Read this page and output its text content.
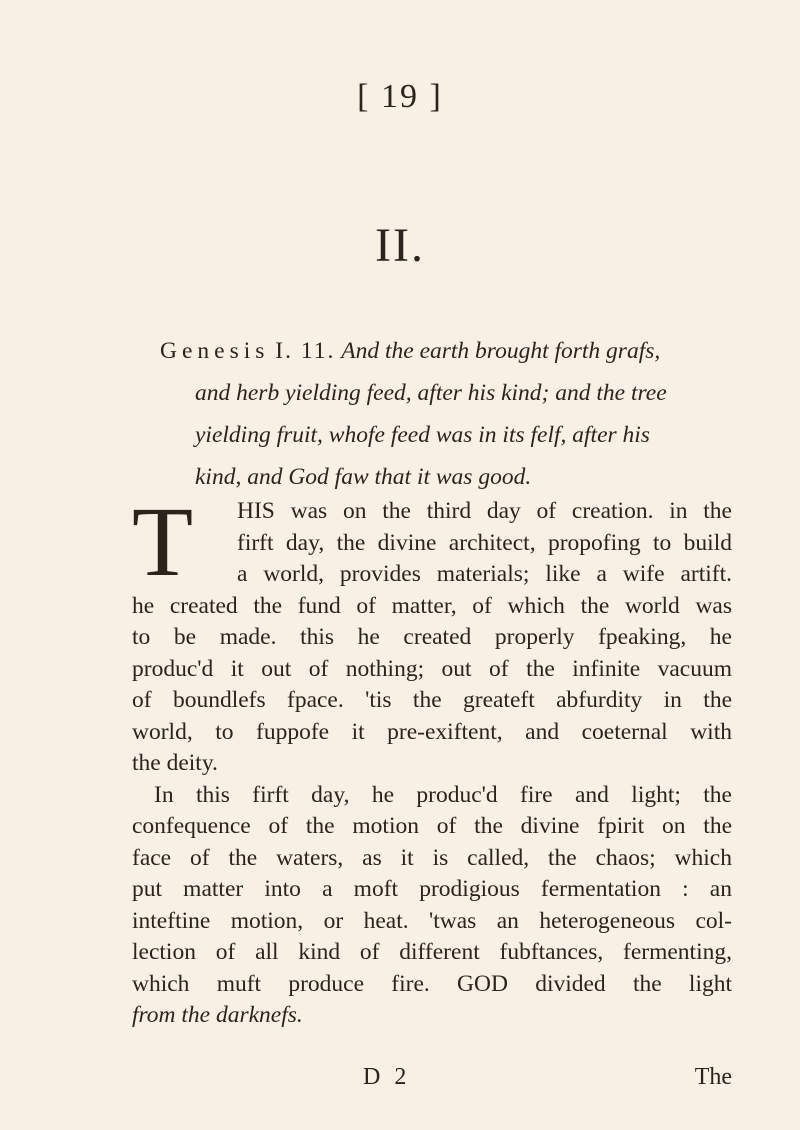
[ 19 ]
II.
Genesis I. 11. And the earth brought forth grafs,
and herb yielding feed, after his kind; and the tree
yielding fruit, whofe feed was in its felf, after his
kind, and God faw that it was good.
T	HIS was on the third day of creation. in the
firft day, the divine architect, propofing to build
a world, provides materials; like a wife artift.
he created the fund of matter, of which the world was
to be made. this he created properly fpeaking, he
produc'd it out of nothing; out of the infinite vacuum
of boundlefs fpace. 'tis the greateft abfurdity in the
world, to fuppofe it pre-exiftent, and coeternal with
the deity.
In this firft day, he produc'd fire and light; the
confequence of the motion of the divine fpirit on the
face of the waters, as it is called, the chaos; which
put matter into a moft prodigious fermentation : an
inteftine motion, or heat. 'twas an heterogeneous col-
lection of all kind of different fubftances, fermenting,
which muft produce fire. GOD divided the light
from the darknefs.
D 2	The
